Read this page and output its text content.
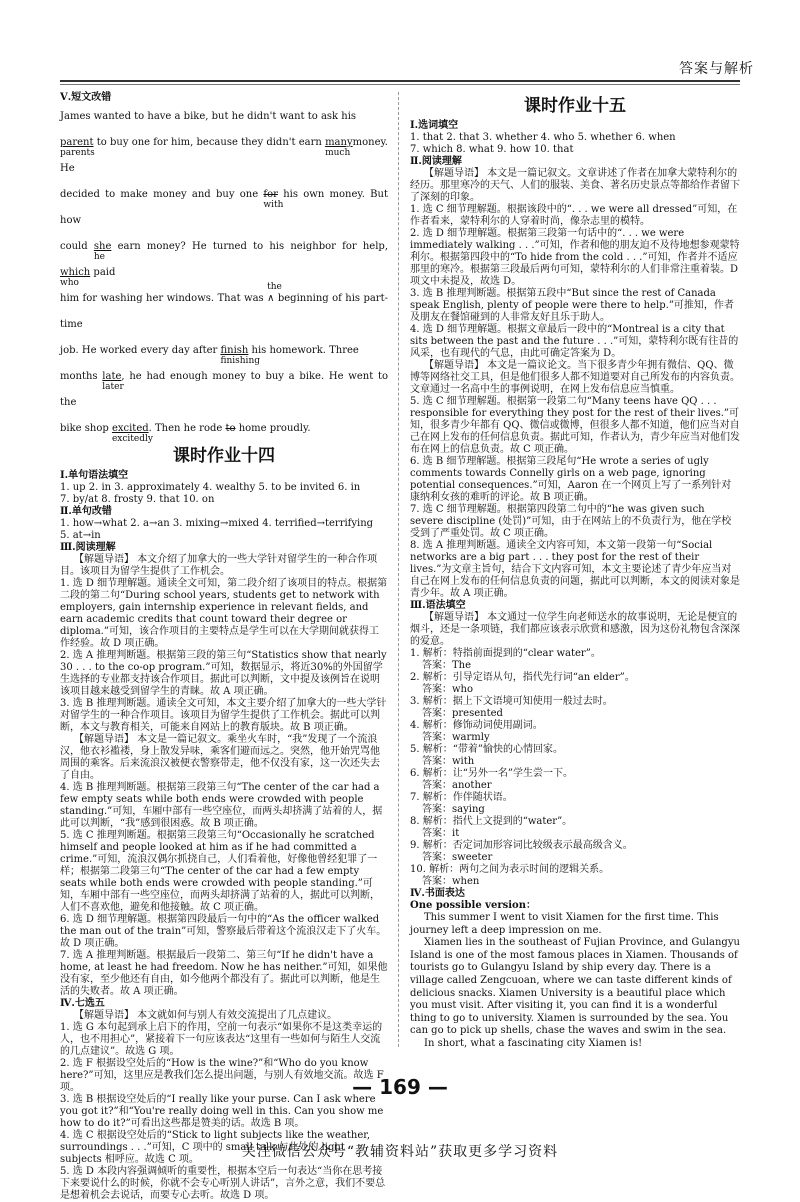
答案与解析

Ⅴ.短文改错

James wanted to have a bike, but he didn't want to ask his
parent
parents
to buy one for him, because they didn't earn many
much
money. He
decided to make money and buy one for
with
his own money. But how
could she
he
earn money? He turned to his neighbor for help, which
who
paid
him for washing her windows. That was ∧
the
beginning of his part-time
job. He worked every day after finish
finishing
his homework. Three
months late
later
, he had enough money to buy a bike. He went to the
bike shop excited
excitedly
. Then he rode to home proudly.
课时作业十四

Ⅰ.单句语法填空

1. up 2. in 3. approximately 4. wealthy 5. to be invited 6. in

7. by/at 8. frosty 9. that 10. on

Ⅱ.单句改错

1. how→what 2. a→an 3. mixing→mixed 4. terrified→terrifying

5. at→in

Ⅲ.阅读理解

【解题导语】 本文介绍了加拿大的一些大学针对留学生的一种合作项目。该项目为留学生提供了工作机会。

1. 选 D 细节理解题。通读全文可知，第二段介绍了该项目的特点。根据第二段的第二句“During school years, students get to network with employers, gain internship experience in relevant fields, and earn academic credits that count toward their degree or diploma.”可知，该合作项目的主要特点是学生可以在大学期间就获得工作经验。故 D 项正确。

2. 选 A 推理判断题。根据第三段的第三句“Statistics show that nearly 30 . . . to the co-op program.”可知，数据显示，将近30%的外国留学生选择的专业都支持该合作项目。据此可以判断，文中提及该例旨在说明该项目越来越受到留学生的青睐。故 A 项正确。

3. 选 B 推理判断题。通读全文可知，本文主要介绍了加拿大的一些大学针对留学生的一种合作项目。该项目为留学生提供了工作机会。据此可以判断，本文与教育相关，可能来自网站上的教育版块。故 B 项正确。

【解题导语】 本文是一篇记叙文。乘坐火车时，“我”发现了一个流浪汉，他衣衫褴褛，身上散发异味，乘客们避而远之。突然，他开始咒骂他周围的乘客。后来流浪汉被便衣警察带走，他不仅没有家，这一次还失去了自由。

4. 选 B 推理判断题。根据第三段第三句“The center of the car had a few empty seats while both ends were crowded with people standing.”可知，车厢中部有一些空座位，而两头却挤满了站着的人，据此可以判断，“我”感到很困惑。故 B 项正确。

5. 选 C 推理判断题。根据第三段第三句“Occasionally he scratched himself and people looked at him as if he had committed a crime.”可知，流浪汉偶尔抓挠自己，人们看着他，好像他曾经犯罪了一样；根据第二段第三句“The center of the car had a few empty seats while both ends were crowded with people standing.”可知，车厢中部有一些空座位，而两头却挤满了站着的人，据此可以判断，人们不喜欢他，避免和他接触。故 C 项正确。

6. 选 D 细节理解题。根据第四段最后一句中的“As the officer walked the man out of the train”可知，警察最后带着这个流浪汉走下了火车。故 D 项正确。

7. 选 A 推理判断题。根据最后一段第二、第三句“If he didn't have a home, at least he had freedom. Now he has neither.”可知，如果他没有家，至少他还有自由，如今他两个都没有了。据此可以判断，他是生活的失败者。故 A 项正确。

Ⅳ.七选五

【解题导语】 本文就如何与别人有效交流提出了几点建议。

1. 选 G 本句起到承上启下的作用，空前一句表示“如果你不是这类幸运的人，也不用担心”，紧接着下一句应该表达“这里有一些如何与陌生人交流的几点建议”。故选 G 项。

2. 选 F 根据设空处后的“How is the wine?”和“Who do you know here?”可知，这里应是教我们怎么提出问题，与别人有效地交流。故选 F 项。

3. 选 B 根据设空处后的“I really like your purse. Can I ask where you got it?”和“You're really doing well in this. Can you show me how to do it?”可看出这些都是赞美的话。故选 B 项。

4. 选 C 根据设空处后的“Stick to light subjects like the weather, surroundings . . .”可知，C 项中的 small talk 与此处的 light subjects 相呼应。故选 C 项。

5. 选 D 本段内容强调倾听的重要性，根据本空后一句表达“当你在思考接下来要说什么的时候，你就不会专心听别人讲话”，言外之意，我们不要总是想着机会去说话，而要专心去听。故选 D 项。

课时作业十五

Ⅰ.选词填空

1. that 2. that 3. whether 4. who 5. whether 6. when

7. which 8. what 9. how 10. that

Ⅱ.阅读理解

【解题导语】 本文是一篇记叙文。文章讲述了作者在加拿大蒙特利尔的经历。那里寒冷的天气、人们的服装、美食、著名历史景点等都给作者留下了深刻的印象。

1. 选 C 细节理解题。根据该段中的“. . . we were all dressed”可知，在作者看来，蒙特利尔的人穿着时尚，像杂志里的模特。

2. 选 D 细节理解题。根据第三段第一句话中的“. . . we were immediately walking . . .”可知，作者和他的朋友迫不及待地想参观蒙特利尔。根据第四段中的“To hide from the cold . . .”可知，作者并不适应那里的寒冷。根据第三段最后两句可知，蒙特利尔的人们非常注重着装。D 项文中未提及，故选 D。

3. 选 B 推理判断题。根据第五段中“But since the rest of Canada speak English, plenty of people were there to help.”可推知，作者及朋友在餐馆碰到的人非常友好且乐于助人。

4. 选 D 细节理解题。根据文章最后一段中的“Montreal is a city that sits between the past and the future . . .”可知，蒙特利尔既有往昔的风采，也有现代的气息，由此可确定答案为 D。

【解题导语】 本文是一篇议论文。当下很多青少年拥有微信、QQ、微博等网络社交工具，但是他们很多人都不知道要对自己所发布的内容负责。文章通过一名高中生的事例说明，在网上发布信息应当慎重。

5. 选 C 细节理解题。根据第一段第二句“Many teens have QQ . . . responsible for everything they post for the rest of their lives.”可知，很多青少年都有 QQ、微信或微博，但很多人都不知道，他们应当对自己在网上发布的任何信息负责。据此可知，作者认为，青少年应当对他们发布在网上的信息负责。故 C 项正确。

6. 选 B 细节理解题。根据第三段尾句“He wrote a series of ugly comments towards Connelly girls on a web page, ignoring potential consequences.”可知，Aaron 在一个网页上写了一系列针对康纳利女孩的难听的评论。故 B 项正确。

7. 选 C 细节理解题。根据第四段第二句中的“he was given such severe discipline (处罚)”可知，由于在网站上的不负责行为，他在学校受到了严重处罚。故 C 项正确。

8. 选 A 推理判断题。通读全文内容可知，本文第一段第一句“Social networks are a big part . . . they post for the rest of their lives.”为文章主旨句，结合下文内容可知，本文主要论述了青少年应当对自己在网上发布的任何信息负责的问题，据此可以判断，本文的阅读对象是青少年。故 A 项正确。

Ⅲ.语法填空

【解题导语】 本文通过一位学生向老师送水的故事说明，无论是便宜的烟斗，还是一条项链，我们都应该表示欣赏和感激，因为这份礼物包含深深的爱意。

1. 解析：特指前面提到的“clear water”。

答案：The

2. 解析：引导定语从句，指代先行词“an elder”。

答案：who

3. 解析：据上下文语境可知使用一般过去时。

答案：presented

4. 解析：修饰动词使用副词。

答案：warmly

5. 解析：“带着”愉快的心情回家。

答案：with

6. 解析：让“另外一名”学生尝一下。

答案：another

7. 解析：作伴随状语。

答案：saying

8. 解析：指代上文提到的“water”。

答案：it

9. 解析：否定词加形容词比较级表示最高级含义。

答案：sweeter

10. 解析：两句之间为表示时间的逻辑关系。

答案：when

Ⅳ.书面表达

One possible version：

This summer I went to visit Xiamen for the first time. This journey left a deep impression on me.

Xiamen lies in the southeast of Fujian Province, and Gulangyu Island is one of the most famous places in Xiamen. Thousands of tourists go to Gulangyu Island by ship every day. There is a village called Zengcuoan, where we can taste different kinds of delicious snacks. Xiamen University is a beautiful place which you must visit. After visiting it, you can find it is a wonderful thing to go to university. Xiamen is surrounded by the sea. You can go to pick up shells, chase the waves and swim in the sea.

In short, what a fascinating city Xiamen is!

— 169 —
关注微信公众号“教辅资料站”获取更多学习资料
